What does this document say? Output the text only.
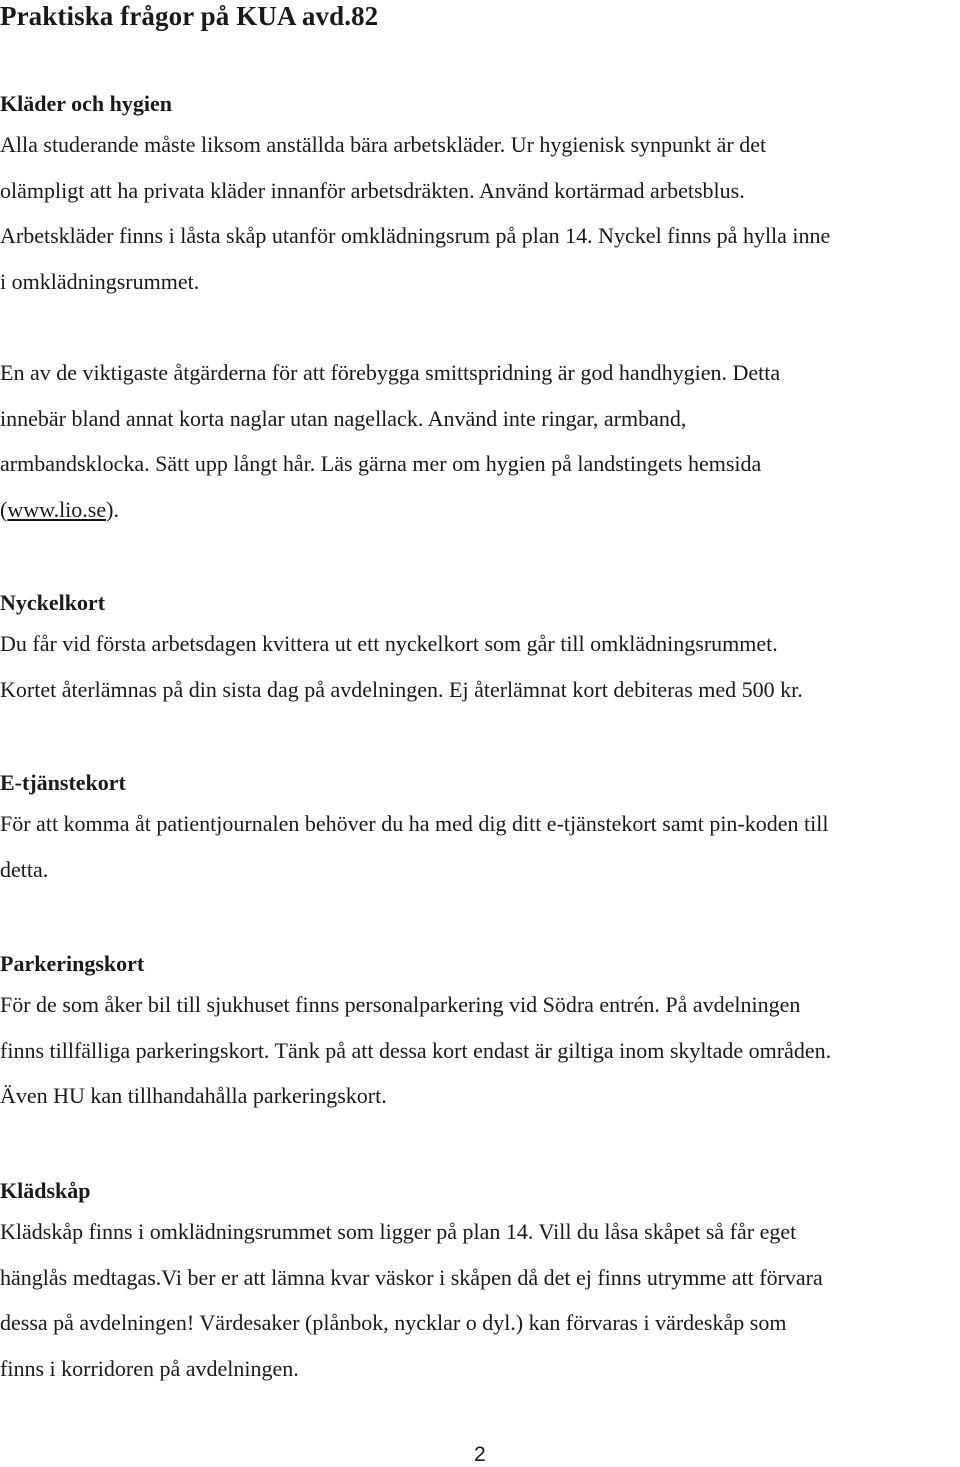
Praktiska frågor på KUA avd.82
Kläder och hygien

Alla studerande måste liksom anställda bära arbetskläder. Ur hygienisk synpunkt är det
olämpligt att ha privata kläder innanför arbetsdräkten. Använd kortärmad arbetsblus.
Arbetskläder finns i låsta skåp utanför omklädningsrum på plan 14. Nyckel finns på hylla inne
i omklädningsrummet.

En av de viktigaste åtgärderna för att förebygga smittspridning är god handhygien. Detta
innebär bland annat korta naglar utan nagellack. Använd inte ringar, armband,
armbandsklocka. Sätt upp långt hår. Läs gärna mer om hygien på landstingets hemsida
(www.lio.se).

Nyckelkort

Du får vid första arbetsdagen kvittera ut ett nyckelkort som går till omklädningsrummet.
Kortet återlämnas på din sista dag på avdelningen. Ej återlämnat kort debiteras med 500 kr.

E-tjänstekort

För att komma åt patientjournalen behöver du ha med dig ditt e-tjänstekort samt pin-koden till
detta.

Parkeringskort

För de som åker bil till sjukhuset finns personalparkering vid Södra entrén. På avdelningen
finns tillfälliga parkeringskort. Tänk på att dessa kort endast är giltiga inom skyltade områden.
Även HU kan tillhandahålla parkeringskort.

Klädskåp

Klädskåp finns i omklädningsrummet som ligger på plan 14. Vill du låsa skåpet så får eget
hänglås medtagas.Vi ber er att lämna kvar väskor i skåpen då det ej finns utrymme att förvara
dessa på avdelningen! Värdesaker (plånbok, nycklar o dyl.) kan förvaras i värdeskåp som
finns i korridoren på avdelningen.

2
